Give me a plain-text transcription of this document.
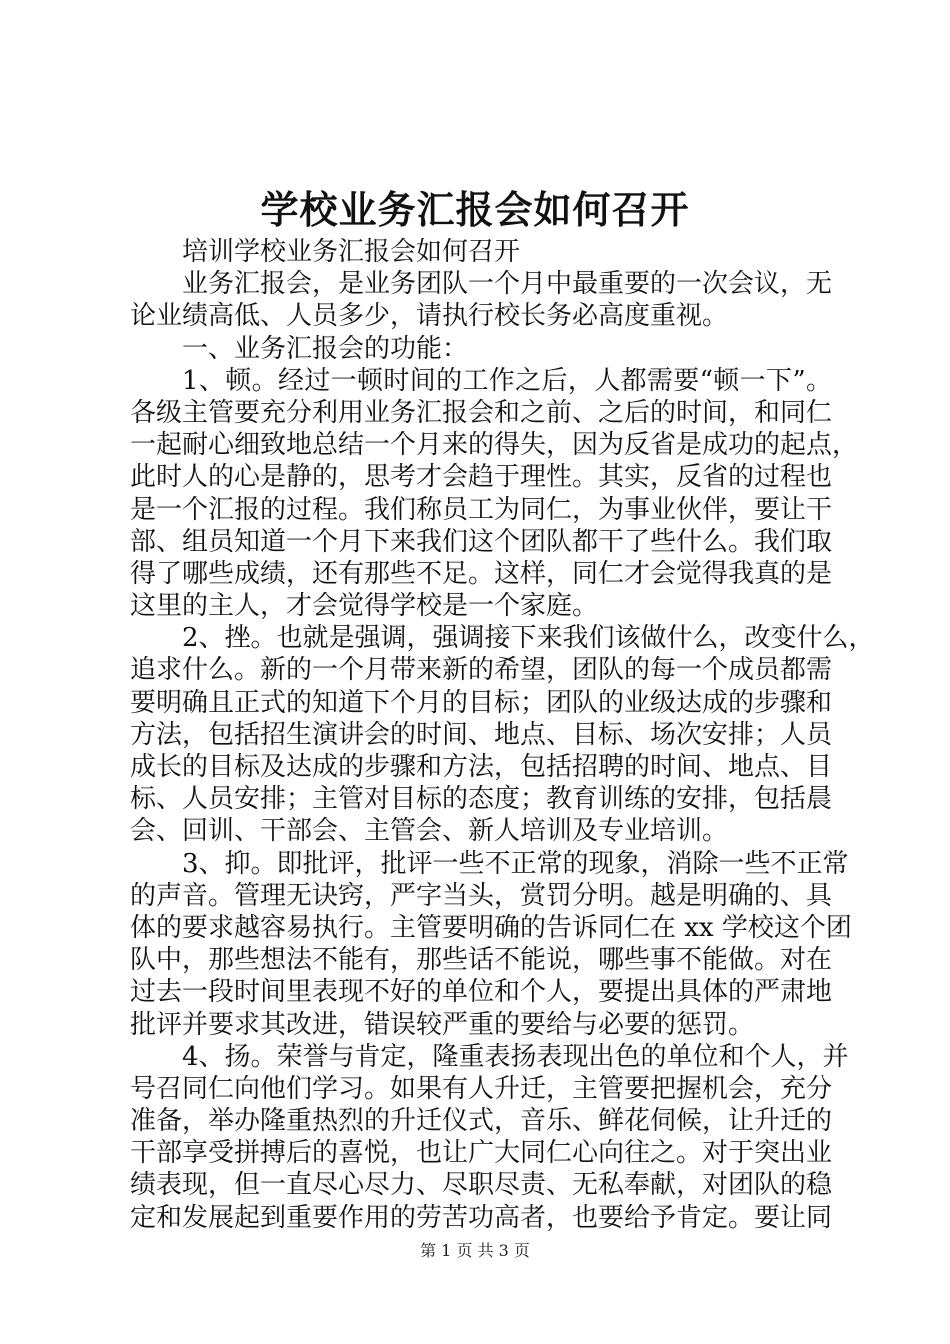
学校业务汇报会如何召开
培训学校业务汇报会如何召开
业务汇报会，是业务团队一个月中最重要的一次会议，无
论业绩高低、人员多少，请执行校长务必高度重视。
一、业务汇报会的功能：
1、顿。经过一顿时间的工作之后，人都需要“顿一下”。
各级主管要充分利用业务汇报会和之前、之后的时间，和同仁
一起耐心细致地总结一个月来的得失，因为反省是成功的起点，
此时人的心是静的，思考才会趋于理性。其实，反省的过程也
是一个汇报的过程。我们称员工为同仁，为事业伙伴，要让干
部、组员知道一个月下来我们这个团队都干了些什么。我们取
得了哪些成绩，还有那些不足。这样，同仁才会觉得我真的是
这里的主人，才会觉得学校是一个家庭。
2、挫。也就是强调，强调接下来我们该做什么，改变什么，
追求什么。新的一个月带来新的希望，团队的每一个成员都需
要明确且正式的知道下个月的目标；团队的业级达成的步骤和
方法，包括招生演讲会的时间、地点、目标、场次安排；人员
成长的目标及达成的步骤和方法，包括招聘的时间、地点、目
标、人员安排；主管对目标的态度；教育训练的安排，包括晨
会、回训、干部会、主管会、新人培训及专业培训。
3、抑。即批评，批评一些不正常的现象，消除一些不正常
的声音。管理无诀窍，严字当头，赏罚分明。越是明确的、具
体的要求越容易执行。主管要明确的告诉同仁在 xx 学校这个团
队中，那些想法不能有，那些话不能说，哪些事不能做。对在
过去一段时间里表现不好的单位和个人，要提出具体的严肃地
批评并要求其改进，错误较严重的要给与必要的惩罚。
4、扬。荣誉与肯定，隆重表扬表现出色的单位和个人，并
号召同仁向他们学习。如果有人升迁，主管要把握机会，充分
准备，举办隆重热烈的升迁仪式，音乐、鲜花伺候，让升迁的
干部享受拼搏后的喜悦，也让广大同仁心向往之。对于突出业
绩表现，但一直尽心尽力、尽职尽责、无私奉献，对团队的稳
定和发展起到重要作用的劳苦功高者，也要给予肯定。要让同
第 1 页 共 3 页
